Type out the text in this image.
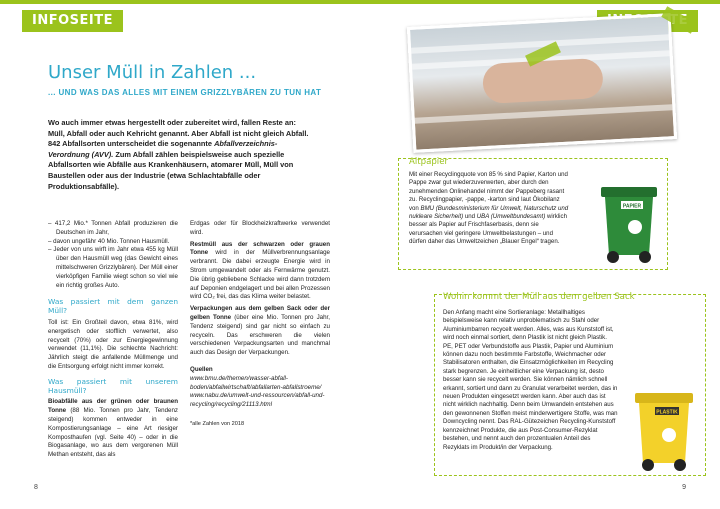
INFOSEITE
Unser Müll in Zahlen ...
... UND WAS DAS ALLES MIT EINEM GRIZZLYBÄREN ZU TUN HAT
Wo auch immer etwas hergestellt oder zubereitet wird, fallen Reste an: Müll, Abfall oder auch Kehricht genannt. Aber Abfall ist nicht gleich Abfall. 842 Abfallsorten unterscheidet die sogenannte Abfallverzeichnis-Verordnung (AVV). Zum Abfall zählen beispielsweise auch spezielle Abfallsorten wie Abfälle aus Krankenhäusern, atomarer Müll, Müll von Baustellen oder aus der Industrie (etwa Schlachtabfälle oder Produktionsabfälle).
– 417,2 Mio.* Tonnen Abfall produzieren die Deutschen im Jahr,
– davon ungefähr 40 Mio. Tonnen Hausmüll.
– Jeder von uns wirft im Jahr etwa 455 kg Müll über den Hausmüll weg (das Gewicht eines mittelschweren Grizzlybären). Der Müll einer vierköpfigen Familie wiegt schon so viel wie ein richtig großes Auto.
Was passiert mit dem ganzen Müll?

Toll ist: Ein Großteil davon, etwa 81%, wird energetisch oder stofflich verwertet, also recycelt (70%) oder zur Energiegewinnung verwendet (11,1%). Die schlechte Nachricht: Jährlich steigt die anfallende Müllmenge und die Entsorgung erfolgt nicht immer korrekt.

Was passiert mit unserem Hausmüll?

Bioabfälle aus der grünen oder braunen Tonne (88 Mio. Tonnen pro Jahr, Tendenz steigend) kommen entweder in eine Kompostierungsanlage – eine Art riesiger Komposthaufen (vgl. Seite 40) – oder in die Biogasanlage, wo aus dem vergorenen Müll Methan entsteht, das als

Erdgas oder für Blockheizkraftwerke verwendet wird.

Restmüll aus der schwarzen oder grauen Tonne wird in der Müllverbrennungsanlage verbrannt. Die dabei erzeugte Energie wird in Strom umgewandelt oder als Fernwärme genutzt. Die übrig gebliebene Schlacke wird dann trotzdem auf Deponien endgelagert und bei allen Prozessen wird CO₂ frei, das das Klima weiter belastet.

Verpackungen aus dem gelben Sack oder der gelben Tonne (über eine Mio. Tonnen pro Jahr, Tendenz steigend) sind gar nicht so einfach zu recyceln. Das erschweren die vielen verschiedenen Verpackungsarten und manchmal auch das Design der Verpackungen.

Quellen
www.bmu.de/themen/wasser-abfall-boden/abfallwirtschaft/abfallarten-abfallstroeme/
www.nabu.de/umwelt-und-ressourcen/abfall-und-recycling/recycling/21113.html
*alle Zahlen von 2018
8
Altpapier
Mit einer Recyclingquote von 85 % sind Papier, Karton und Pappe zwar gut wiederzuverwerten, aber durch den zunehmenden Onlinehandel nimmt der Pappeberg rasant zu. Recyclingpapier, -pappe, -karton sind laut Ökobilanz von BMU (Bundesministerium für Umwelt, Naturschutz und nukleare Sicherheit) und UBA (Umweltbundesamt) wirklich besser als Papier auf Frischfaserbasis, denn sie verursachen viel geringere Umweltbelastungen – und dürfen daher das Umweltzeichen „Blauer Engel“ tragen.
PAPIER
Wohin kommt der Müll aus dem gelben Sack
Den Anfang macht eine Sortieranlage: Metallhaltiges beispielsweise kann relativ unproblematisch zu Stahl oder Aluminiumbarren recycelt werden. Alles, was aus Kunststoff ist, wird noch einmal sortiert, denn Plastik ist nicht gleich Plastik. PE, PET oder Verbundstoffe aus Plastik, Papier und Aluminium können dazu noch bestimmte Farbstoffe, Weichmacher oder Stabilisatoren enthalten, die Einsatzmöglichkeiten im Recycling stark begrenzen. Je einheitlicher eine Verpackung ist, desto besser kann sie recycelt werden. Sie können nämlich schnell erkannt, sortiert und dann zu Granulat verarbeitet werden, das in neuen Produkten eingesetzt werden kann. Aber auch das ist nicht wirklich nachhaltig. Denn beim Umwandeln entstehen aus den gewonnenen Stoffen meist minderwertigere Stoffe, was man Downcycling nennt. Das RAL-Gütezeichen Recycling-Kunststoff kennzeichnet Produkte, die aus Post-Consumer-Rezyklat bestehen, und nennt auch den prozentualen Anteil des Rezyklats im Produkt/in der Verpackung.
PLASTIK
9
